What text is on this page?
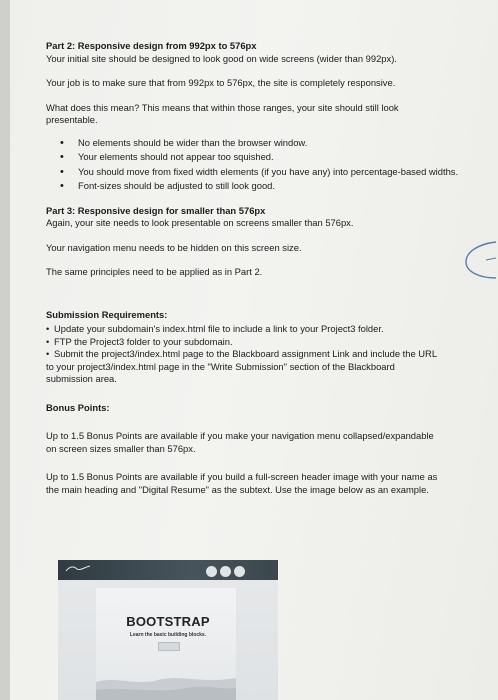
Part 2: Responsive design from 992px to 576px

Your initial site should be designed to look good on wide screens (wider than 992px).

Your job is to make sure that from 992px to 576px, the site is completely responsive.

What does this mean? This means that within those ranges, your site should still look

presentable.

• No elements should be wider than the browser window.
• Your elements should not appear too squished.
• You should move from fixed width elements (if you have any) into percentage-based widths.
• Font-sizes should be adjusted to still look good.

Part 3: Responsive design for smaller than 576px

Again, your site needs to look presentable on screens smaller than 576px.

Your navigation menu needs to be hidden on this screen size.

The same principles need to be applied as in Part 2.

Submission Requirements:

• Update your subdomain's index.html file to include a link to your Project3 folder.
• FTP the Project3 folder to your subdomain.
• Submit the project3/index.html page to the Blackboard assignment Link and include the URL
to your project3/index.html page in the "Write Submission" section of the Blackboard
submission area.

Bonus Points:

Up to 1.5 Bonus Points are available if you make your navigation menu collapsed/expandable

on screen sizes smaller than 576px.

Up to 1.5 Bonus Points are available if you build a full-screen header image with your name as

the main heading and "Digital Resume" as the subtext. Use the image below as an example.

BOOTSTRAP
Learn the basic building blocks.
